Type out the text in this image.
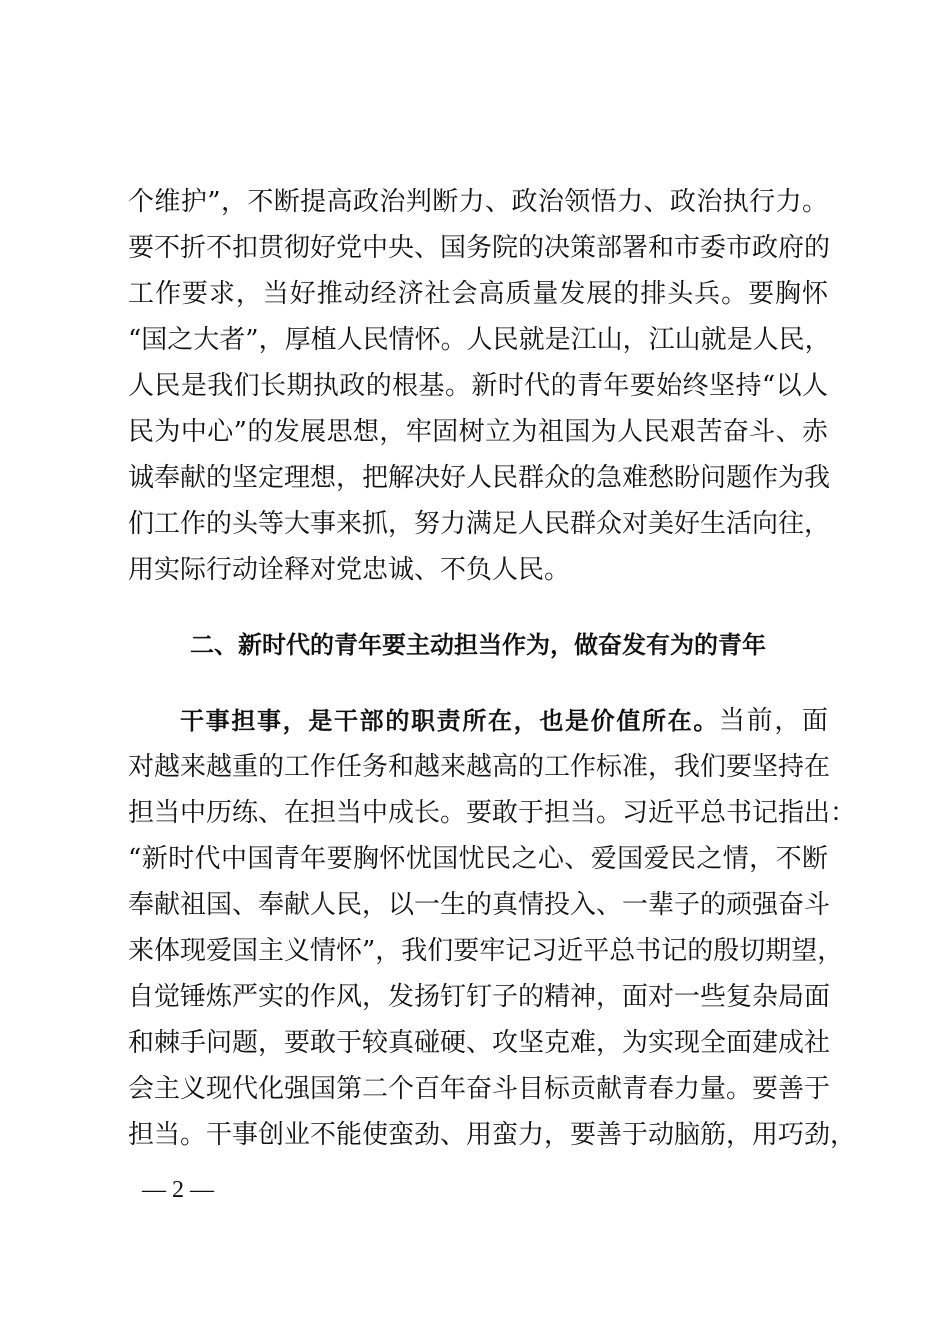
个维护”，不断提高政治判断力、政治领悟力、政治执行力。
要不折不扣贯彻好党中央、国务院的决策部署和市委市政府的
工作要求，当好推动经济社会高质量发展的排头兵。要胸怀
“国之大者”，厚植人民情怀。人民就是江山，江山就是人民，
人民是我们长期执政的根基。新时代的青年要始终坚持“以人
民为中心”的发展思想，牢固树立为祖国为人民艰苦奋斗、赤
诚奉献的坚定理想，把解决好人民群众的急难愁盼问题作为我
们工作的头等大事来抓，努力满足人民群众对美好生活向往，
用实际行动诠释对党忠诚、不负人民。
二、新时代的青年要主动担当作为，做奋发有为的青年
干事担事，是干部的职责所在，也是价值所在。当前，面
对越来越重的工作任务和越来越高的工作标准，我们要坚持在
担当中历练、在担当中成长。要敢于担当。习近平总书记指出：
“新时代中国青年要胸怀忧国忧民之心、爱国爱民之情，不断
奉献祖国、奉献人民，以一生的真情投入、一辈子的顽强奋斗
来体现爱国主义情怀”，我们要牢记习近平总书记的殷切期望，
自觉锤炼严实的作风，发扬钉钉子的精神，面对一些复杂局面
和棘手问题，要敢于较真碰硬、攻坚克难，为实现全面建成社
会主义现代化强国第二个百年奋斗目标贡献青春力量。要善于
担当。干事创业不能使蛮劲、用蛮力，要善于动脑筋，用巧劲，
— 2 —
